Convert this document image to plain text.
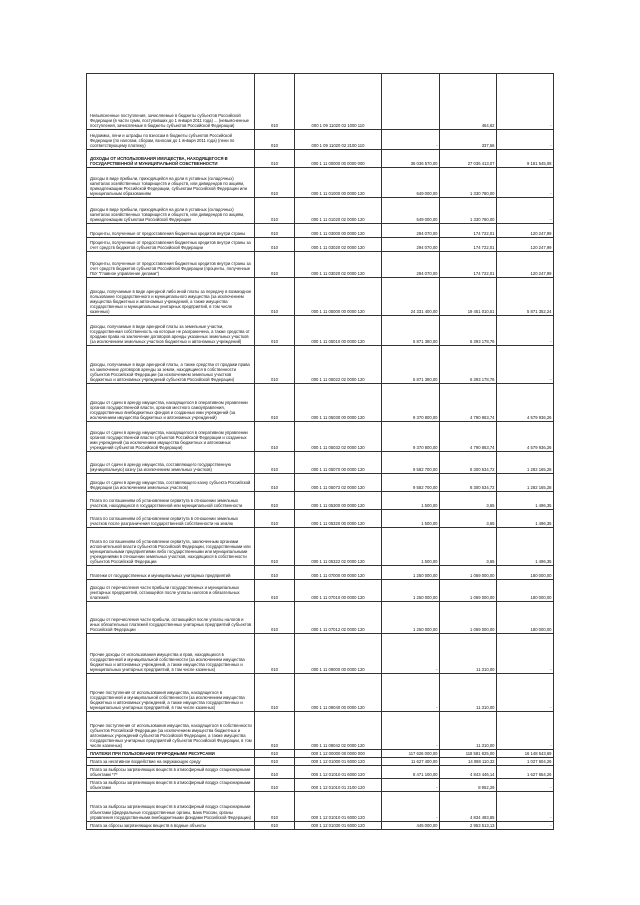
Невыясненные поступления, зачисляемые в бюджеты субъектов Российской Федерации (в части сумм, поступивших до 1 января 2011 года) ... (невыясненные поступления, зачисляемые в бюджеты субъектов Российской Федерации)	010	000 1 09 11020 02 1000 110		464,62	-
Недоимка, пени и штрафы по взносам в бюджеты субъектов Российской Федерации (по налогам, сборам, взносам до 1 января 2011 года) (пени по соответствующему платежу)	010	000 1 09 11020 02 2100 110	-	337,56	-
ДОХОДЫ ОТ ИСПОЛЬЗОВАНИЯ ИМУЩЕСТВА, НАХОДЯЩЕГОСЯ В ГОСУДАРСТВЕННОЙ И МУНИЦИПАЛЬНОЙ СОБСТВЕННОСТИ	010	000 1 11 00000 00 0000 000	36 036 570,00	27 036 413,07	9 181 545,08
Доходы в виде прибыли, приходящейся на доли в уставных (складочных) капиталах хозяйственных товариществ и обществ, или дивидендов по акциям, принадлежащим Российской Федерации, субъектам Российской Федерации или муниципальным образованиям	010	000 1 11 01000 00 0000 120	649 000,00	1 330 780,00	-
Доходы в виде прибыли, приходящейся на доли в уставных (складочных) капиталах хозяйственных товариществ и обществ, или дивидендов по акциям, принадлежащим субъектам Российской Федерации	010	000 1 11 01020 02 0000 120	549 000,00	1 330 780,00	-
Проценты, полученные от предоставления бюджетных кредитов внутри страны	010	000 1 11 03000 00 0000 120	294 070,00	174 722,01	120 247,99
Проценты, полученные от предоставления бюджетных кредитов внутри страны за счет средств бюджетов субъектов Российской Федерации	010	000 1 11 03020 02 0000 120	294 070,00	174 722,01	120 247,99
Проценты, полученные от предоставления бюджетных кредитов внутри страны за счет средств бюджетов субъектов Российской Федерации (проценты, полученные ГБУ "Главное управление делами")	010	000 1 11 03020 02 0000 120	294 070,00	174 722,01	120 247,99
Доходы, получаемые в виде арендной либо иной платы за передачу в возмездное пользование государственного и муниципального имущества (за исключением имущества бюджетных и автономных учреждений, а также имущества государственных и муниципальных унитарных предприятий, в том числе казенных)	010	000 1 11 05000 00 0000 120	24 331 400,00	19 451 010,51	5 871 352,24
Доходы, получаемые в виде арендной платы за земельные участки, государственная собственность на которые не разграничена, а также средства от продажи права на заключение договоров аренды указанных земельных участков (за исключением земельных участков бюджетных и автономных учреждений)	010	000 1 11 05010 00 0000 120	5 871 380,00	6 393 178,76	-
Доходы, получаемые в виде арендной платы, а также средства от продажи права на заключение договоров аренды за земли, находящиеся в собственности субъектов Российской Федерации (за исключением земельных участков бюджетных и автономных учреждений субъектов Российской Федерации)	010	000 1 11 05022 02 0000 120	5 871 380,00	6 393 178,76	-
Доходы от сдачи в аренду имущества, находящегося в оперативном управлении органов государственной власти, органов местного самоуправления, государственных внебюджетных фондов и созданных ими учреждений (за исключением имущества бюджетных и автономных учреждений)	010	000 1 11 05030 00 0000 120	9 370 800,00	4 790 863,74	4 579 936,26
Доходы от сдачи в аренду имущества, находящегося в оперативном управлении органов государственной власти субъектов Российской Федерации и созданных ими учреждений (за исключением имущества бюджетных и автономных учреждений субъектов Российской Федерации)	010	000 1 11 05032 02 0000 120	9 370 800,00	4 790 863,74	4 579 936,26
Доходы от сдачи в аренду имущества, составляющего государственную (муниципальную) казну (за исключением земельных участков)	010	000 1 11 05070 00 0000 120	9 582 700,00	8 300 534,72	1 282 165,28
Доходы от сдачи в аренду имущества, составляющего казну субъекта Российской Федерации (за исключением земельных участков)	010	000 1 11 05072 02 0000 120	9 582 700,00	8 300 534,72	1 282 165,28
Плата по соглашениям об установлении сервитута в отношении земельных участков, находящихся в государственной или муниципальной собственности	010	000 1 11 05300 00 0000 120	1 500,00	3,65	1 496,35
Плата по соглашениям об установлении сервитута в отношении земельных участков после разграничения государственной собственности на землю	010	000 1 11 05320 00 0000 120	1 500,00	3,65	1 496,35
Плата по соглашениям об установлении сервитута, заключенным органами исполнительной власти субъектов Российской Федерации, государственными или муниципальными предприятиями либо государственными или муниципальными учреждениями в отношении земельных участков, находящихся в собственности субъектов Российской Федерации	010	000 1 11 05322 02 0000 120	1 500,00	3,65	1 496,35
Платежи от государственных и муниципальных унитарных предприятий	010	000 1 11 07000 00 0000 120	1 250 000,00	1 069 000,00	180 000,00
Доходы от перечисления части прибыли государственных и муниципальных унитарных предприятий, остающейся после уплаты налогов и обязательных платежей	010	000 1 11 07010 00 0000 120	1 250 000,00	1 069 000,00	180 000,00
Доходы от перечисления части прибыли, остающейся после уплаты налогов и иных обязательных платежей государственных унитарных предприятий субъектов Российской Федерации	010	000 1 11 07012 02 0000 120	1 250 000,00	1 069 000,00	180 000,00
Прочие доходы от использования имущества и прав, находящихся в государственной и муниципальной собственности (за исключением имущества бюджетных и автономных учреждений, а также имущества государственных и муниципальных унитарных предприятий, в том числе казенных)	010	000 1 11 09000 00 0000 120	-	11 310,00	-
Прочие поступления от использования имущества, находящегося в государственной и муниципальной собственности (за исключением имущества бюджетных и автономных учреждений, а также имущества государственных и муниципальных унитарных предприятий, в том числе казенных)	010	000 1 11 09040 00 0000 120	-	11 310,00	-
Прочие поступления от использования имущества, находящегося в собственности субъектов Российской Федерации (за исключением имущества бюджетных и автономных учреждений субъектов Российской Федерации, а также имущества государственных унитарных предприятий субъектов Российской Федерации, в том числе казенных)	010	000 1 11 09042 02 0000 120	-	11 310,00	-
ПЛАТЕЖИ ПРИ ПОЛЬЗОВАНИИ ПРИРОДНЫМИ РЕСУРСАМИ	010	000 1 12 00000 00 0000 000	117 626 000,00	118 581 825,00	16 148 543,69
Плата за негативное воздействие на окружающую среду	010	000 1 12 01000 01 6000 120	11 627 400,00	14 088 110,32	1 027 604,26
Плата за выбросы загрязняющих веществ в атмосферный воздух стационарными объектами *7*	010	000 1 12 01010 01 6000 120	8 471 100,00	4 843 446,14	1 627 654,26
Плата за выбросы загрязняющих веществ в атмосферный воздух стационарными объектами	010	000 1 12 01010 01 2100 120	-	8 952,29	-
Плата за выбросы загрязняющих веществ в атмосферный воздух стационарными объектами (федеральные государственные органы, Банк России, органы управления государственными внебюджетными фондами Российской Федерации)	010	000 1 12 01010 01 6000 120	-	4 834 493,85	-
Плата за сбросы загрязняющих веществ в водные объекты	010	000 1 12 01030 01 6000 120	445 000,00	2 953 513,13	-
